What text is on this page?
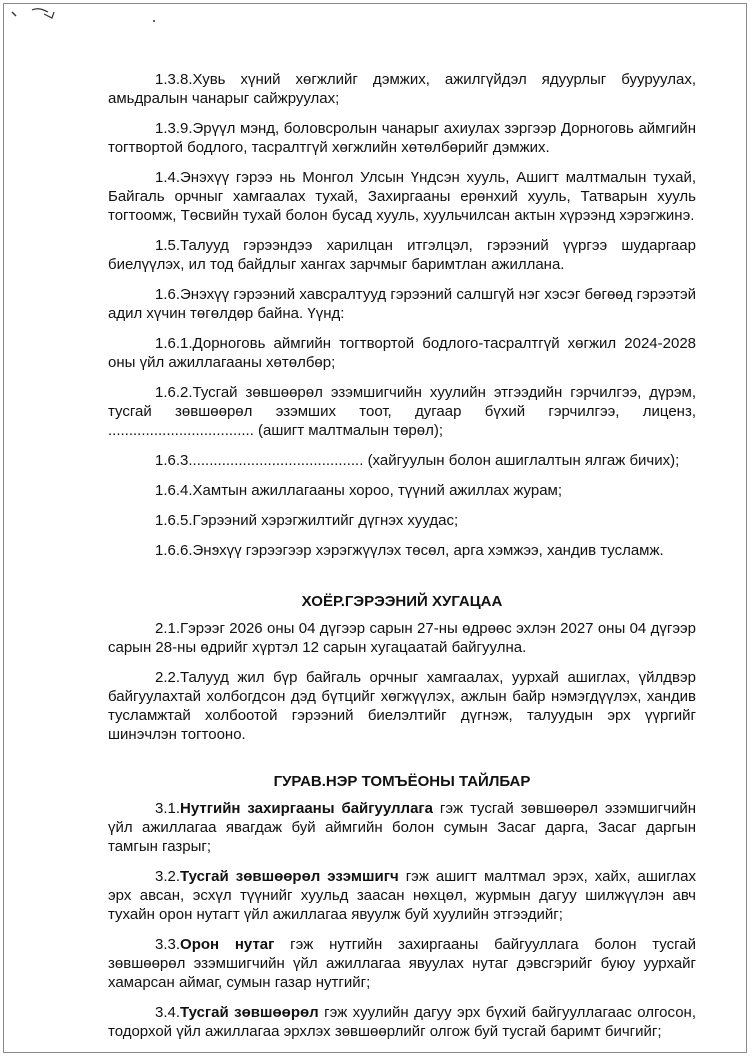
1.3.8.Хувь хүний хөгжлийг дэмжих, ажилгүйдэл ядуурлыг бууруулах, амьдралын чанарыг сайжруулах;

1.3.9.Эрүүл мэнд, боловсролын чанарыг ахиулах зэргээр Дорноговь аймгийн тогтвортой бодлого, тасралтгүй хөгжлийн хөтөлбөрийг дэмжих.

1.4.Энэхүү гэрээ нь Монгол Улсын Үндсэн хууль, Ашигт малтмалын тухай, Байгаль орчныг хамгаалах тухай, Захиргааны ерөнхий хууль, Татварын хууль тогтоомж, Төсвийн тухай болон бусад хууль, хуульчилсан актын хүрээнд хэрэгжинэ.

1.5.Талууд гэрээндээ харилцан итгэлцэл, гэрээний үүргээ шударгаар биелүүлэх, ил тод байдлыг хангах зарчмыг баримтлан ажиллана.

1.6.Энэхүү гэрээний хавсралтууд гэрээний салшгүй нэг хэсэг бөгөөд гэрээтэй адил хүчин төгөлдөр байна. Үүнд:

1.6.1.Дорноговь аймгийн тогтвортой бодлого-тасралтгүй хөгжил 2024-2028 оны үйл ажиллагааны хөтөлбөр;

1.6.2.Тусгай зөвшөөрөл эзэмшигчийн хуулийн этгээдийн гэрчилгээ, дүрэм, тусгай зөвшөөрөл эзэмших тоот, дугаар бүхий гэрчилгээ, лиценз, ................................... (ашигт малтмалын төрөл);

1.6.3.......................................... (хайгуулын болон ашиглалтын ялгаж бичих);

1.6.4.Хамтын ажиллагааны хороо, түүний ажиллах журам;

1.6.5.Гэрээний хэрэгжилтийг дүгнэх хуудас;

1.6.6.Энэхүү гэрээгээр хэрэгжүүлэх төсөл, арга хэмжээ, хандив тусламж.

ХОЁР.ГЭРЭЭНИЙ ХУГАЦАА

2.1.Гэрээг 2026 оны 04 дүгээр сарын 27-ны өдрөөс эхлэн 2027 оны 04 дүгээр сарын 28-ны өдрийг хүртэл 12 сарын хугацаатай байгуулна.

2.2.Талууд жил бүр байгаль орчныг хамгаалах, уурхай ашиглах, үйлдвэр байгуулахтай холбогдсон дэд бүтцийг хөгжүүлэх, ажлын байр нэмэгдүүлэх, хандив тусламжтай холбоотой гэрээний биелэлтийг дүгнэж, талуудын эрх үүргийг шинэчлэн тогтооно.

ГУРАВ.НЭР ТОМЪЁОНЫ ТАЙЛБАР

3.1.Нутгийн захиргааны байгууллага гэж тусгай зөвшөөрөл эзэмшигчийн үйл ажиллагаа явагдаж буй аймгийн болон сумын Засаг дарга, Засаг даргын тамгын газрыг;

3.2.Тусгай зөвшөөрөл эзэмшигч гэж ашигт малтмал эрэх, хайх, ашиглах эрх авсан, эсхүл түүнийг хуульд заасан нөхцөл, журмын дагуу шилжүүлэн авч тухайн орон нутагт үйл ажиллагаа явуулж буй хуулийн этгээдийг;

3.3.Орон нутаг гэж нутгийн захиргааны байгууллага болон тусгай зөвшөөрөл эзэмшигчийн үйл ажиллагаа явуулах нутаг дэвсгэрийг буюу уурхайг хамарсан аймаг, сумын газар нутгийг;

3.4.Тусгай зөвшөөрөл гэж хуулийн дагуу эрх бүхий байгууллагаас олгосон, тодорхой үйл ажиллагаа эрхлэх зөвшөөрлийг олгож буй тусгай баримт бичгийг;
